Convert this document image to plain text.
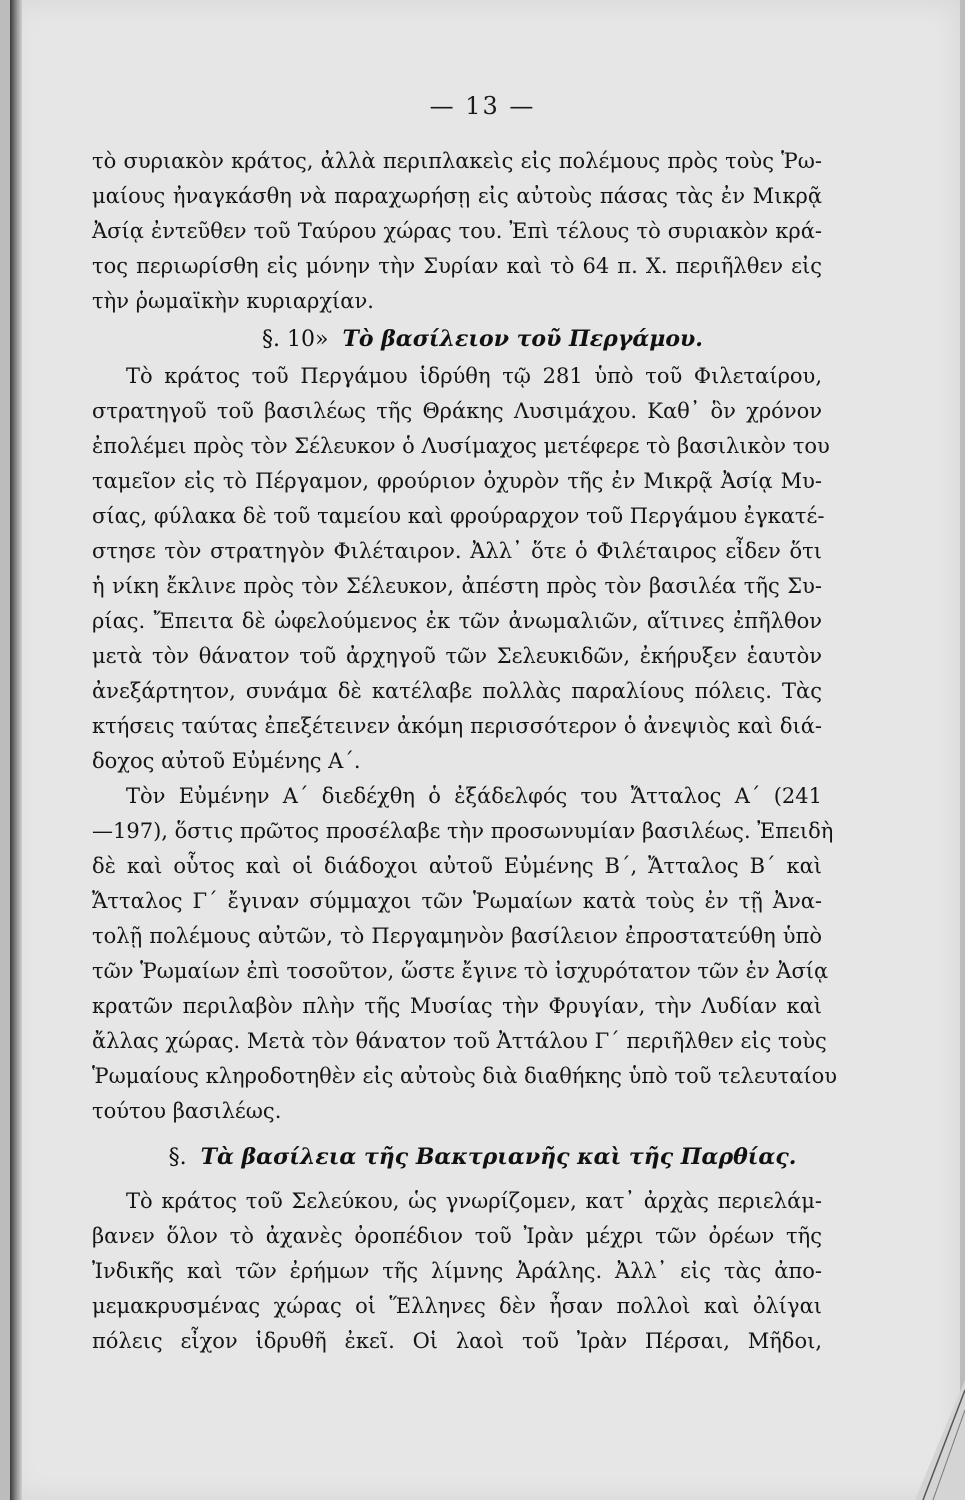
— 13 —
τὸ συριακὸν κράτος, ἀλλὰ περιπλακεὶς εἰς πολέμους πρὸς τοὺς Ῥω-
μαίους ἠναγκάσθη νὰ παραχωρήσῃ εἰς αὐτοὺς πάσας τὰς ἐν Μικρᾷ
Ἀσίᾳ ἐντεῦθεν τοῦ Ταύρου χώρας του. Ἐπὶ τέλους τὸ συριακὸν κρά-
τος περιωρίσθη εἰς μόνην τὴν Συρίαν καὶ τὸ 64 π. Χ. περιῆλθεν εἰς
τὴν ῥωμαϊκὴν κυριαρχίαν.
§. 10» Τὸ βασίλειον τοῦ Περγάμου.
Τὸ κράτος τοῦ Περγάμου ἱδρύθη τῷ 281 ὑπὸ τοῦ Φιλεταίρου,
στρατηγοῦ τοῦ βασιλέως τῆς Θράκης Λυσιμάχου. Καθ᾽ ὃν χρόνον
ἐπολέμει πρὸς τὸν Σέλευκον ὁ Λυσίμαχος μετέφερε τὸ βασιλικὸν του
ταμεῖον εἰς τὸ Πέργαμον, φρούριον ὀχυρὸν τῆς ἐν Μικρᾷ Ἀσίᾳ Μυ-
σίας, φύλακα δὲ τοῦ ταμείου καὶ φρούραρχον τοῦ Περγάμου ἐγκατέ-
στησε τὸν στρατηγὸν Φιλέταιρον. Ἀλλ᾽ ὅτε ὁ Φιλέταιρος εἶδεν ὅτι
ἡ νίκη ἔκλινε πρὸς τὸν Σέλευκον, ἀπέστη πρὸς τὸν βασιλέα τῆς Συ-
ρίας. Ἔπειτα δὲ ὠφελούμενος ἐκ τῶν ἀνωμαλιῶν, αἵτινες ἐπῆλθον
μετὰ τὸν θάνατον τοῦ ἀρχηγοῦ τῶν Σελευκιδῶν, ἐκήρυξεν ἑαυτὸν
ἀνεξάρτητον, συνάμα δὲ κατέλαβε πολλὰς παραλίους πόλεις. Τὰς
κτήσεις ταύτας ἐπεξέτεινεν ἀκόμη περισσότερον ὁ ἀνεψιὸς καὶ διά-
δοχος αὐτοῦ Εὐμένης Α΄.
Τὸν Εὐμένην Α΄ διεδέχθη ὁ ἐξάδελφός του Ἄτταλος Α΄ (241
—197), ὅστις πρῶτος προσέλαβε τὴν προσωνυμίαν βασιλέως. Ἐπειδὴ
δὲ καὶ οὗτος καὶ οἱ διάδοχοι αὐτοῦ Εὐμένης Β΄, Ἄτταλος Β΄ καὶ
Ἄτταλος Γ΄ ἔγιναν σύμμαχοι τῶν Ῥωμαίων κατὰ τοὺς ἐν τῇ Ἀνα-
τολῇ πολέμους αὐτῶν, τὸ Περγαμηνὸν βασίλειον ἐπροστατεύθη ὑπὸ
τῶν Ῥωμαίων ἐπὶ τοσοῦτον, ὥστε ἔγινε τὸ ἰσχυρότατον τῶν ἐν Ἀσίᾳ
κρατῶν περιλαβὸν πλὴν τῆς Μυσίας τὴν Φρυγίαν, τὴν Λυδίαν καὶ
ἄλλας χώρας. Μετὰ τὸν θάνατον τοῦ Ἀττάλου Γ΄ περιῆλθεν εἰς τοὺς
Ῥωμαίους κληροδοτηθὲν εἰς αὐτοὺς διὰ διαθήκης ὑπὸ τοῦ τελευταίου
τούτου βασιλέως.
§. Τὰ βασίλεια τῆς Βακτριανῆς καὶ τῆς Παρθίας.
Τὸ κράτος τοῦ Σελεύκου, ὡς γνωρίζομεν, κατ᾽ ἀρχὰς περιελάμ-
βανεν ὅλον τὸ ἀχανὲς ὀροπέδιον τοῦ Ἰρὰν μέχρι τῶν ὀρέων τῆς
Ἰνδικῆς καὶ τῶν ἐρήμων τῆς λίμνης Ἀράλης. Ἀλλ᾽ εἰς τὰς ἀπο-
μεμακρυσμένας χώρας οἱ Ἕλληνες δὲν ἦσαν πολλοὶ καὶ ὀλίγαι
πόλεις εἶχον ἱδρυθῆ ἐκεῖ. Οἱ λαοὶ τοῦ Ἰρὰν Πέρσαι, Μῆδοι,
